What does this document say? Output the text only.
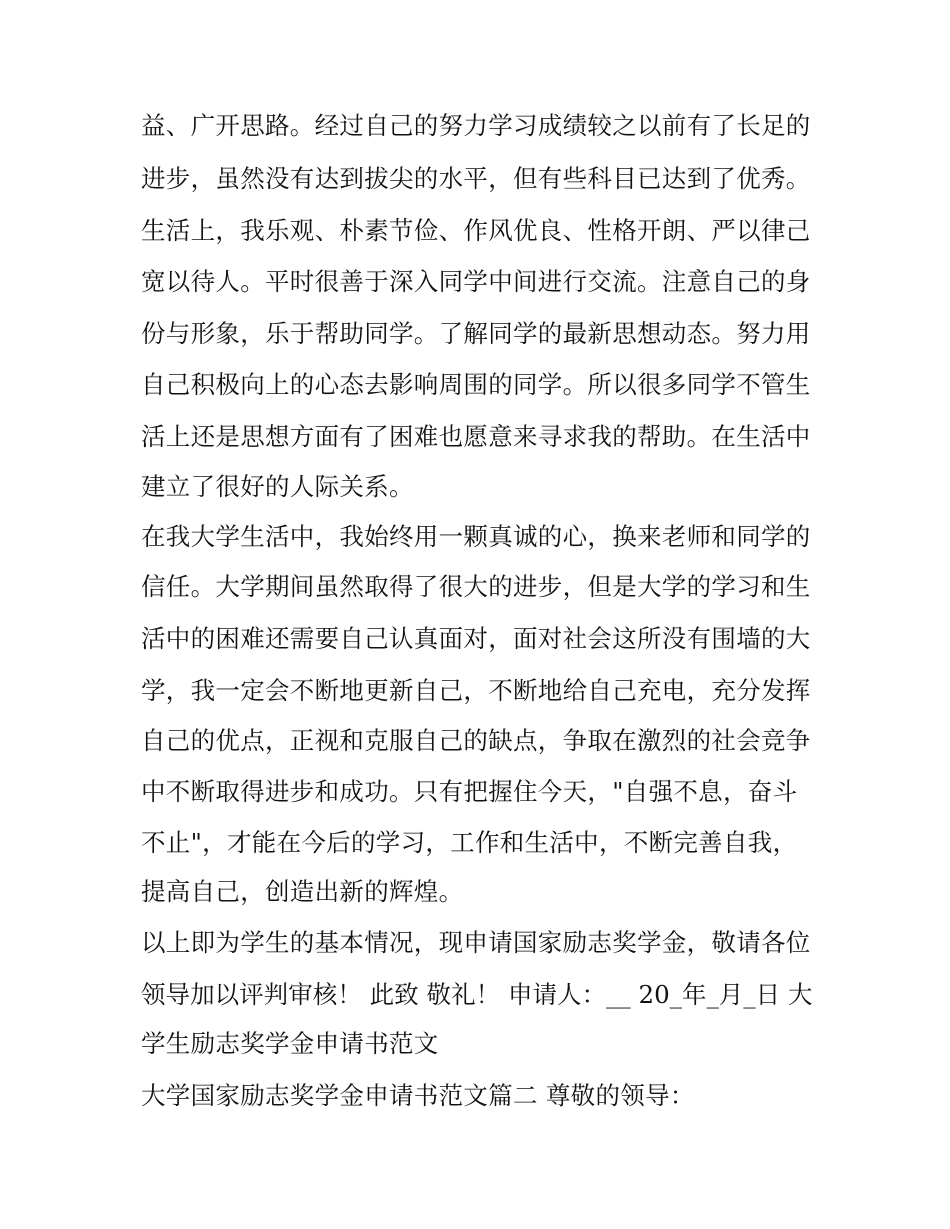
益、广开思路。经过自己的努力学习成绩较之以前有了长足的
进步，虽然没有达到拔尖的水平，但有些科目已达到了优秀。
生活上，我乐观、朴素节俭、作风优良、性格开朗、严以律己
宽以待人。平时很善于深入同学中间进行交流。注意自己的身
份与形象，乐于帮助同学。了解同学的最新思想动态。努力用
自己积极向上的心态去影响周围的同学。所以很多同学不管生
活上还是思想方面有了困难也愿意来寻求我的帮助。在生活中
建立了很好的人际关系。
在我大学生活中，我始终用一颗真诚的心，换来老师和同学的
信任。大学期间虽然取得了很大的进步，但是大学的学习和生
活中的困难还需要自己认真面对，面对社会这所没有围墙的大
学，我一定会不断地更新自己，不断地给自己充电，充分发挥
自己的优点，正视和克服自己的缺点，争取在激烈的社会竞争
中不断取得进步和成功。只有把握住今天，"自强不息，奋斗
不止"，才能在今后的学习，工作和生活中，不断完善自我，
提高自己，创造出新的辉煌。
以上即为学生的基本情况，现申请国家励志奖学金，敬请各位
领导加以评判审核！ 此致 敬礼！ 申请人：__ 20_年_月_日 大
学生励志奖学金申请书范文
大学国家励志奖学金申请书范文篇二 尊敬的领导：
